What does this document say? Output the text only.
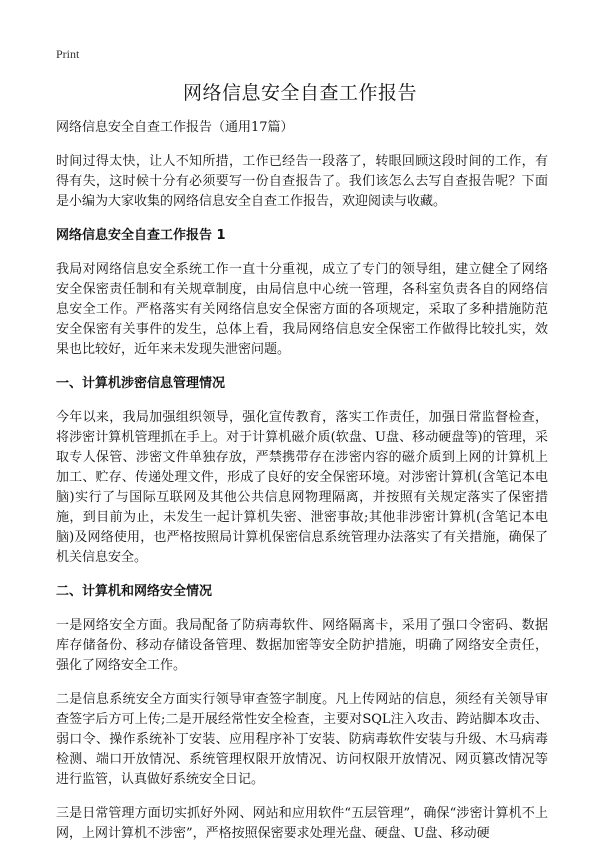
Print
网络信息安全自查工作报告

网络信息安全自查工作报告（通用17篇）

时间过得太快，让人不知所措，工作已经告一段落了，转眼回顾这段时间的工作，有得有失，这时候十分有必须要写一份自查报告了。我们该怎么去写自查报告呢？下面是小编为大家收集的网络信息安全自查工作报告，欢迎阅读与收藏。

网络信息安全自查工作报告 1

我局对网络信息安全系统工作一直十分重视，成立了专门的领导组，建立健全了网络安全保密责任制和有关规章制度，由局信息中心统一管理，各科室负责各自的网络信息安全工作。严格落实有关网络信息安全保密方面的各项规定，采取了多种措施防范安全保密有关事件的发生，总体上看，我局网络信息安全保密工作做得比较扎实，效果也比较好，近年来未发现失泄密问题。

一、计算机涉密信息管理情况

今年以来，我局加强组织领导，强化宣传教育，落实工作责任，加强日常监督检查，将涉密计算机管理抓在手上。对于计算机磁介质(软盘、U盘、移动硬盘等)的管理，采取专人保管、涉密文件单独存放，严禁携带存在涉密内容的磁介质到上网的计算机上加工、贮存、传递处理文件，形成了良好的安全保密环境。对涉密计算机(含笔记本电脑)实行了与国际互联网及其他公共信息网物理隔离，并按照有关规定落实了保密措施，到目前为止，未发生一起计算机失密、泄密事故;其他非涉密计算机(含笔记本电脑)及网络使用，也严格按照局计算机保密信息系统管理办法落实了有关措施，确保了机关信息安全。

二、计算机和网络安全情况

一是网络安全方面。我局配备了防病毒软件、网络隔离卡，采用了强口令密码、数据库存储备份、移动存储设备管理、数据加密等安全防护措施，明确了网络安全责任，强化了网络安全工作。

二是信息系统安全方面实行领导审查签字制度。凡上传网站的信息，须经有关领导审查签字后方可上传;二是开展经常性安全检查，主要对SQL注入攻击、跨站脚本攻击、弱口令、操作系统补丁安装、应用程序补丁安装、防病毒软件安装与升级、木马病毒检测、端口开放情况、系统管理权限开放情况、访问权限开放情况、网页篡改情况等进行监管，认真做好系统安全日记。

三是日常管理方面切实抓好外网、网站和应用软件“五层管理”，确保“涉密计算机不上网，上网计算机不涉密”，严格按照保密要求处理光盘、硬盘、U盘、移动硬
